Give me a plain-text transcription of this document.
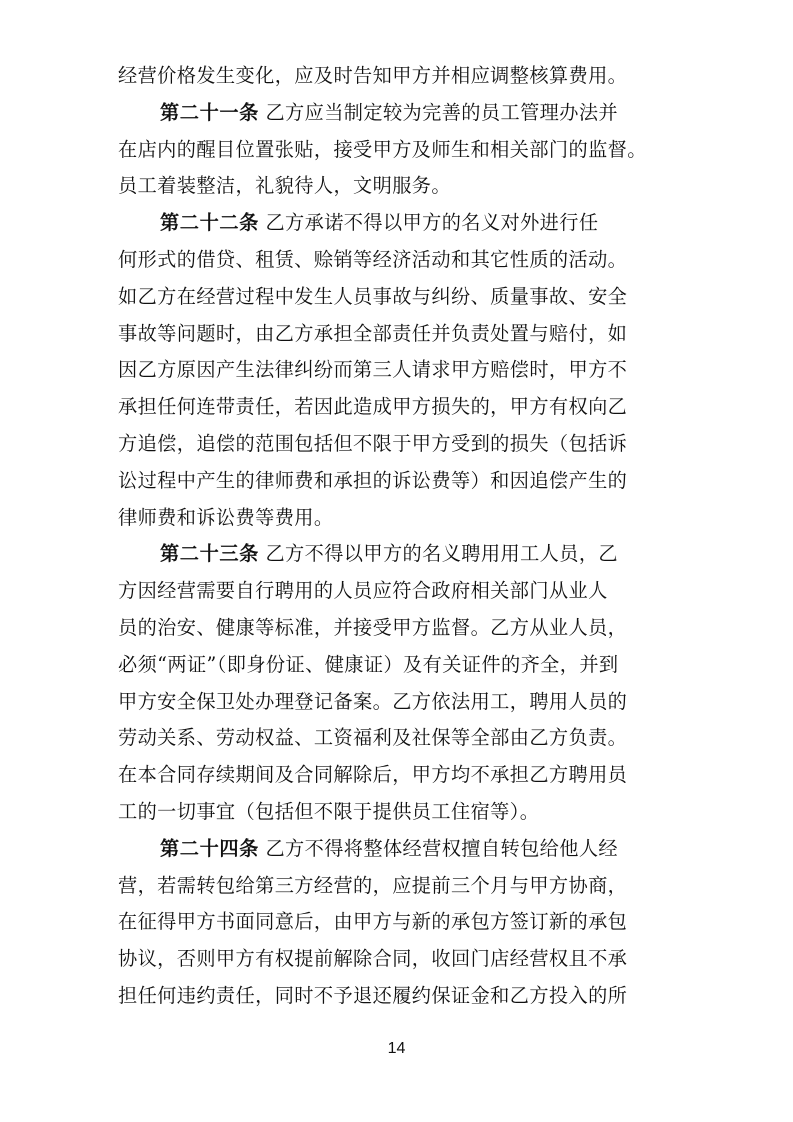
经营价格发生变化，应及时告知甲方并相应调整核算费用。
第二十一条 乙方应当制定较为完善的员工管理办法并
在店内的醒目位置张贴，接受甲方及师生和相关部门的监督。
员工着装整洁，礼貌待人，文明服务。
第二十二条 乙方承诺不得以甲方的名义对外进行任
何形式的借贷、租赁、赊销等经济活动和其它性质的活动。
如乙方在经营过程中发生人员事故与纠纷、质量事故、安全
事故等问题时，由乙方承担全部责任并负责处置与赔付，如
因乙方原因产生法律纠纷而第三人请求甲方赔偿时，甲方不
承担任何连带责任，若因此造成甲方损失的，甲方有权向乙
方追偿，追偿的范围包括但不限于甲方受到的损失（包括诉
讼过程中产生的律师费和承担的诉讼费等）和因追偿产生的
律师费和诉讼费等费用。
第二十三条 乙方不得以甲方的名义聘用用工人员，乙
方因经营需要自行聘用的人员应符合政府相关部门从业人
员的治安、健康等标准，并接受甲方监督。乙方从业人员，
必须“两证”（即身份证、健康证）及有关证件的齐全，并到
甲方安全保卫处办理登记备案。乙方依法用工，聘用人员的
劳动关系、劳动权益、工资福利及社保等全部由乙方负责。
在本合同存续期间及合同解除后，甲方均不承担乙方聘用员
工的一切事宜（包括但不限于提供员工住宿等）。
第二十四条 乙方不得将整体经营权擅自转包给他人经
营，若需转包给第三方经营的，应提前三个月与甲方协商，
在征得甲方书面同意后，由甲方与新的承包方签订新的承包
协议，否则甲方有权提前解除合同，收回门店经营权且不承
担任何违约责任，同时不予退还履约保证金和乙方投入的所
14
